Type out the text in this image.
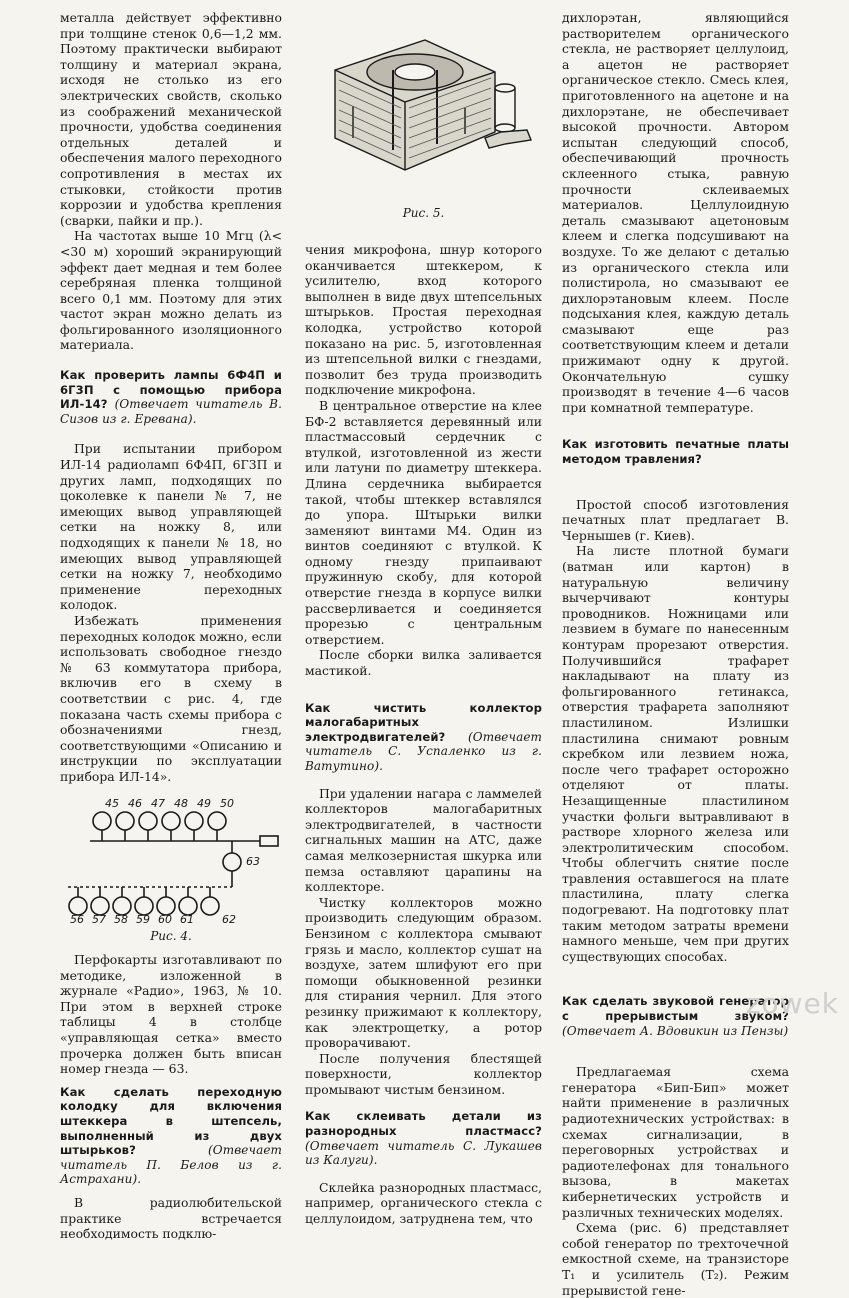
металла действует эффективно при толщине стенок 0,6—1,2 мм. Поэтому практически выбирают толщину и материал экрана, исходя не столько из его электрических свойств, сколько из соображений механической прочности, удобства соединения отдельных деталей и обеспечения малого переходного сопротивления в местах их стыковки, стойкости против коррозии и удобства крепления (сварки, пайки и пр.).

На частотах выше 10 Мгц (λ< <30 м) хороший экранирующий эффект дает медная и тем более серебряная пленка толщиной всего 0,1 мм. Поэтому для этих частот экран можно делать из фольгированного изоляционного материала.

Как проверить лампы 6Ф4П и 6Г3П с помощью прибора ИЛ-14? (Отвечает читатель В. Сизов из г. Еревана).

При испытании прибором ИЛ-14 радиоламп 6Ф4П, 6Г3П и других ламп, подходящих по цоколевке к панели № 7, не имеющих вывод управляющей сетки на ножку 8, или подходящих к панели № 18, но имеющих вывод управляющей сетки на ножку 7, необходимо применение переходных колодок.

Избежать применения переходных колодок можно, если использовать свободное гнездо № 63 коммутатора прибора, включив его в схему в соответствии с рис. 4, где показана часть схемы прибора с обозначениями гнезд, соответствующими «Описанию и инструкции по эксплуатации прибора ИЛ-14».

45 46 47 48 49 50
63
56 57 58 59 60 61	62
Рис. 4.

Перфокарты изготавливают по методике, изложенной в журнале «Радио», 1963, № 10. При этом в верхней строке таблицы 4 в столбце «управляющая сетка» вместо прочерка должен быть вписан номер гнезда — 63.

Как сделать переходную колодку для включения штеккера в штепсель, выполненный из двух штырьков?	(Отвечает читатель П. Белов из г. Астрахани).

В радиолюбительской практике встречается необходимость подклю-

Рис. 5.

чения микрофона, шнур которого оканчивается штеккером, к усилителю, вход которого выполнен в виде двух штепсельных штырьков. Простая переходная колодка, устройство которой показано на рис. 5, изготовленная из штепсельной вилки с гнездами, позволит без труда производить подключение микрофона.

В центральное отверстие на клее БФ-2 вставляется деревянный или пластмассовый сердечник с втулкой, изготовленной из жести или латуни по диаметру штеккера. Длина сердечника выбирается такой, чтобы штеккер вставлялся до упора. Штырьки вилки заменяют винтами М4. Один из винтов соединяют с втулкой. К одному гнезду припаивают пружинную скобу, для которой отверстие гнезда в корпусе вилки рассверливается и соединяется прорезью с центральным отверстием.

После сборки вилка заливается мастикой.

Как чистить коллектор малогабаритных электродвигателей? (Отвечает читатель С. Успаленко из г. Ватутино).

При удалении нагара с ламмелей коллекторов малогабаритных электродвигателей, в частности сигнальных машин на АТС, даже самая мелкозернистая шкурка или пемза оставляют царапины на коллекторе.

Чистку коллекторов можно производить следующим образом. Бензином с коллектора смывают грязь и масло, коллектор сушат на воздухе, затем шлифуют его при помощи обыкновенной резинки для стирания чернил. Для этого резинку прижимают к коллектору, как электрощетку, а ротор проворачивают.

После получения блестящей поверхности, коллектор промывают чистым бензином.

Как склеивать детали из разнородных пластмасс? (Отвечает читатель С. Лукашев из Калуги).

Склейка разнородных пластмасс, например, органического стекла с целлулоидом, затруднена тем, что

дихлорэтан, являющийся растворителем органического стекла, не растворяет целлулоид, а ацетон не растворяет органическое стекло. Смесь клея, приготовленного на ацетоне и на дихлорэтане, не обеспечивает высокой прочности. Автором испытан следующий способ, обеспечивающий прочность склеенного стыка, равную прочности склеиваемых материалов. Целлулоидную деталь смазывают ацетоновым клеем и слегка подсушивают на воздухе. То же делают с деталью из органического стекла или полистирола, но смазывают ее дихлорэтановым клеем. После подсыхания клея, каждую деталь смазывают еще раз соответствующим клеем и детали прижимают одну к другой. Окончательную сушку производят в течение 4—6 часов при комнатной температуре.

Как изготовить печатные платы методом травления?

Простой способ изготовления печатных плат предлагает В. Чернышев (г. Киев).

На листе плотной бумаги (ватман или картон) в натуральную величину вычерчивают контуры проводников. Ножницами или лезвием в бумаге по нанесенным контурам прорезают отверстия. Получившийся трафарет накладывают на плату из фольгированного гетинакса, отверстия трафарета заполняют пластилином. Излишки пластилина снимают ровным скребком или лезвием ножа, после чего трафарет осторожно отделяют от платы. Незащищенные пластилином участки фольги вытравливают в растворе хлорного железа или электролитическим способом. Чтобы облегчить снятие после травления оставшегося на плате пластилина, плату слегка подогревают. На подготовку плат таким методом затраты времени намного меньше, чем при других существующих способах.

Как сделать звуковой генератор с прерывистым звуком? (Отвечает А. Вдовикин из Пензы)

Предлагаемая схема генератора «Бип-Бип» может найти применение в различных радиотехнических устройствах: в схемах сигнализации, в переговорных устройствах и радиотелефонах для тонального вызова, в макетах кибернетических устройств и различных технических моделях.

Схема (рис. 6) представляет собой генератор по трехточечной емкостной схеме, на транзисторе Т₁ и усилитель (Т₂). Режим прерывистой гене-

zowek
